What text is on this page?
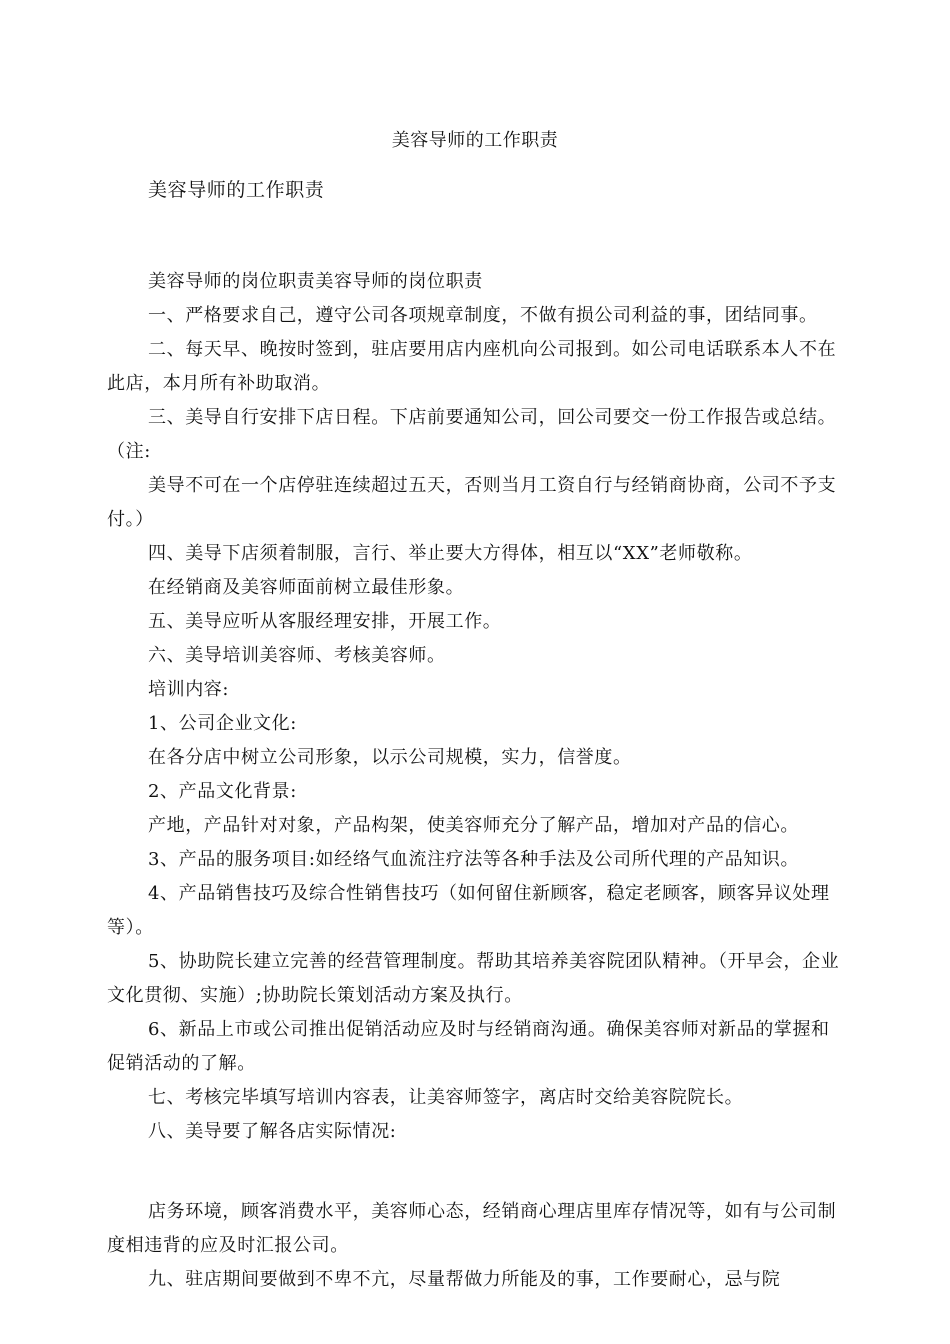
美容导师的工作职责
美容导师的工作职责

美容导师的岗位职责美容导师的岗位职责

一、严格要求自己，遵守公司各项规章制度，不做有损公司利益的事，团结同事。

二、每天早、晚按时签到，驻店要用店内座机向公司报到。如公司电话联系本人不在此店，本月所有补助取消。

三、美导自行安排下店日程。下店前要通知公司，回公司要交一份工作报告或总结。（注:

美导不可在一个店停驻连续超过五天，否则当月工资自行与经销商协商，公司不予支付。）

四、美导下店须着制服，言行、举止要大方得体，相互以“XX”老师敬称。

在经销商及美容师面前树立最佳形象。

五、美导应听从客服经理安排，开展工作。

六、美导培训美容师、考核美容师。

培训内容:

1、公司企业文化:

在各分店中树立公司形象，以示公司规模，实力，信誉度。

2、产品文化背景:

产地，产品针对对象，产品构架，使美容师充分了解产品，增加对产品的信心。

3、产品的服务项目:如经络气血流注疗法等各种手法及公司所代理的产品知识。

4、产品销售技巧及综合性销售技巧（如何留住新顾客，稳定老顾客，顾客异议处理等）。

5、协助院长建立完善的经营管理制度。帮助其培养美容院团队精神。（开早会，企业文化贯彻、实施）;协助院长策划活动方案及执行。

6、新品上市或公司推出促销活动应及时与经销商沟通。确保美容师对新品的掌握和促销活动的了解。

七、考核完毕填写培训内容表，让美容师签字，离店时交给美容院院长。

八、美导要了解各店实际情况:

店务环境，顾客消费水平，美容师心态，经销商心理店里库存情况等，如有与公司制度相违背的应及时汇报公司。

九、驻店期间要做到不卑不亢，尽量帮做力所能及的事，工作要耐心，忌与院
